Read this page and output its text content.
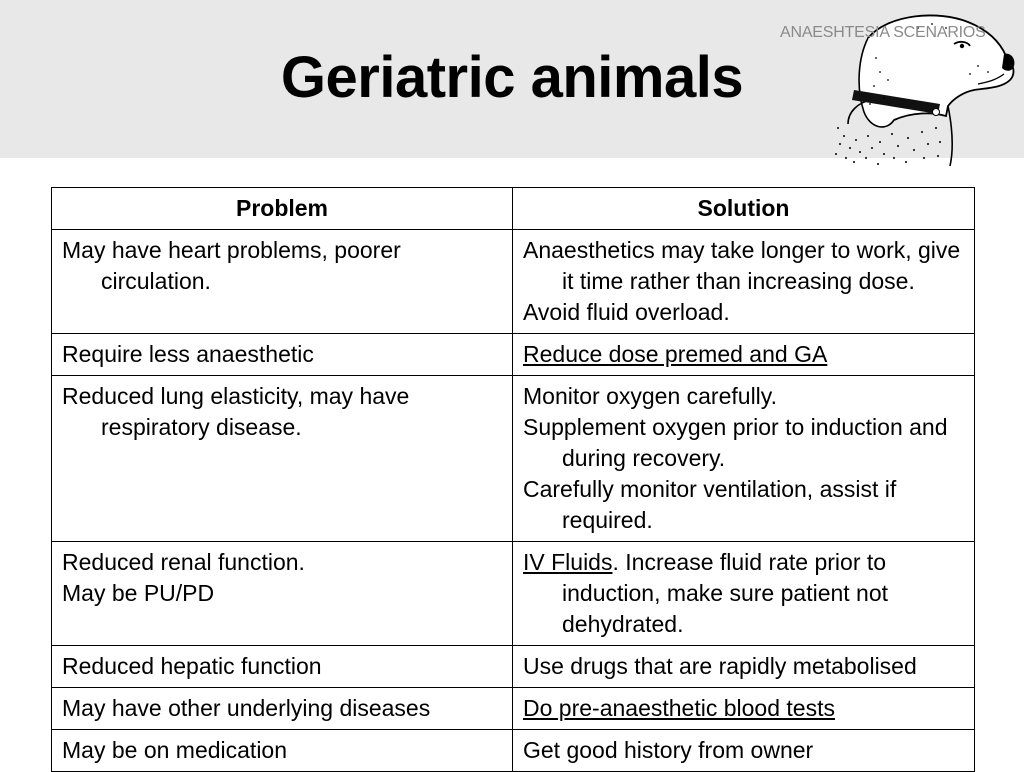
ANAESHTESIA SCENARIOS
Geriatric animals
Problem	Solution

May have heart problems, poorer circulation.	Anaesthetics may take longer to work, give it time rather than increasing dose.
Avoid fluid overload.

Require less anaesthetic	Reduce dose premed and GA

Reduced lung elasticity, may have respiratory disease.	Monitor oxygen carefully.
Supplement oxygen prior to induction and during recovery.
Carefully monitor ventilation, assist if required.

Reduced renal function.
May be PU/PD	IV Fluids. Increase fluid rate prior to induction, make sure patient not dehydrated.

Reduced hepatic function	Use drugs that are rapidly metabolised

May have other underlying diseases	Do pre-anaesthetic blood tests

May be on medication	Get good history from owner
